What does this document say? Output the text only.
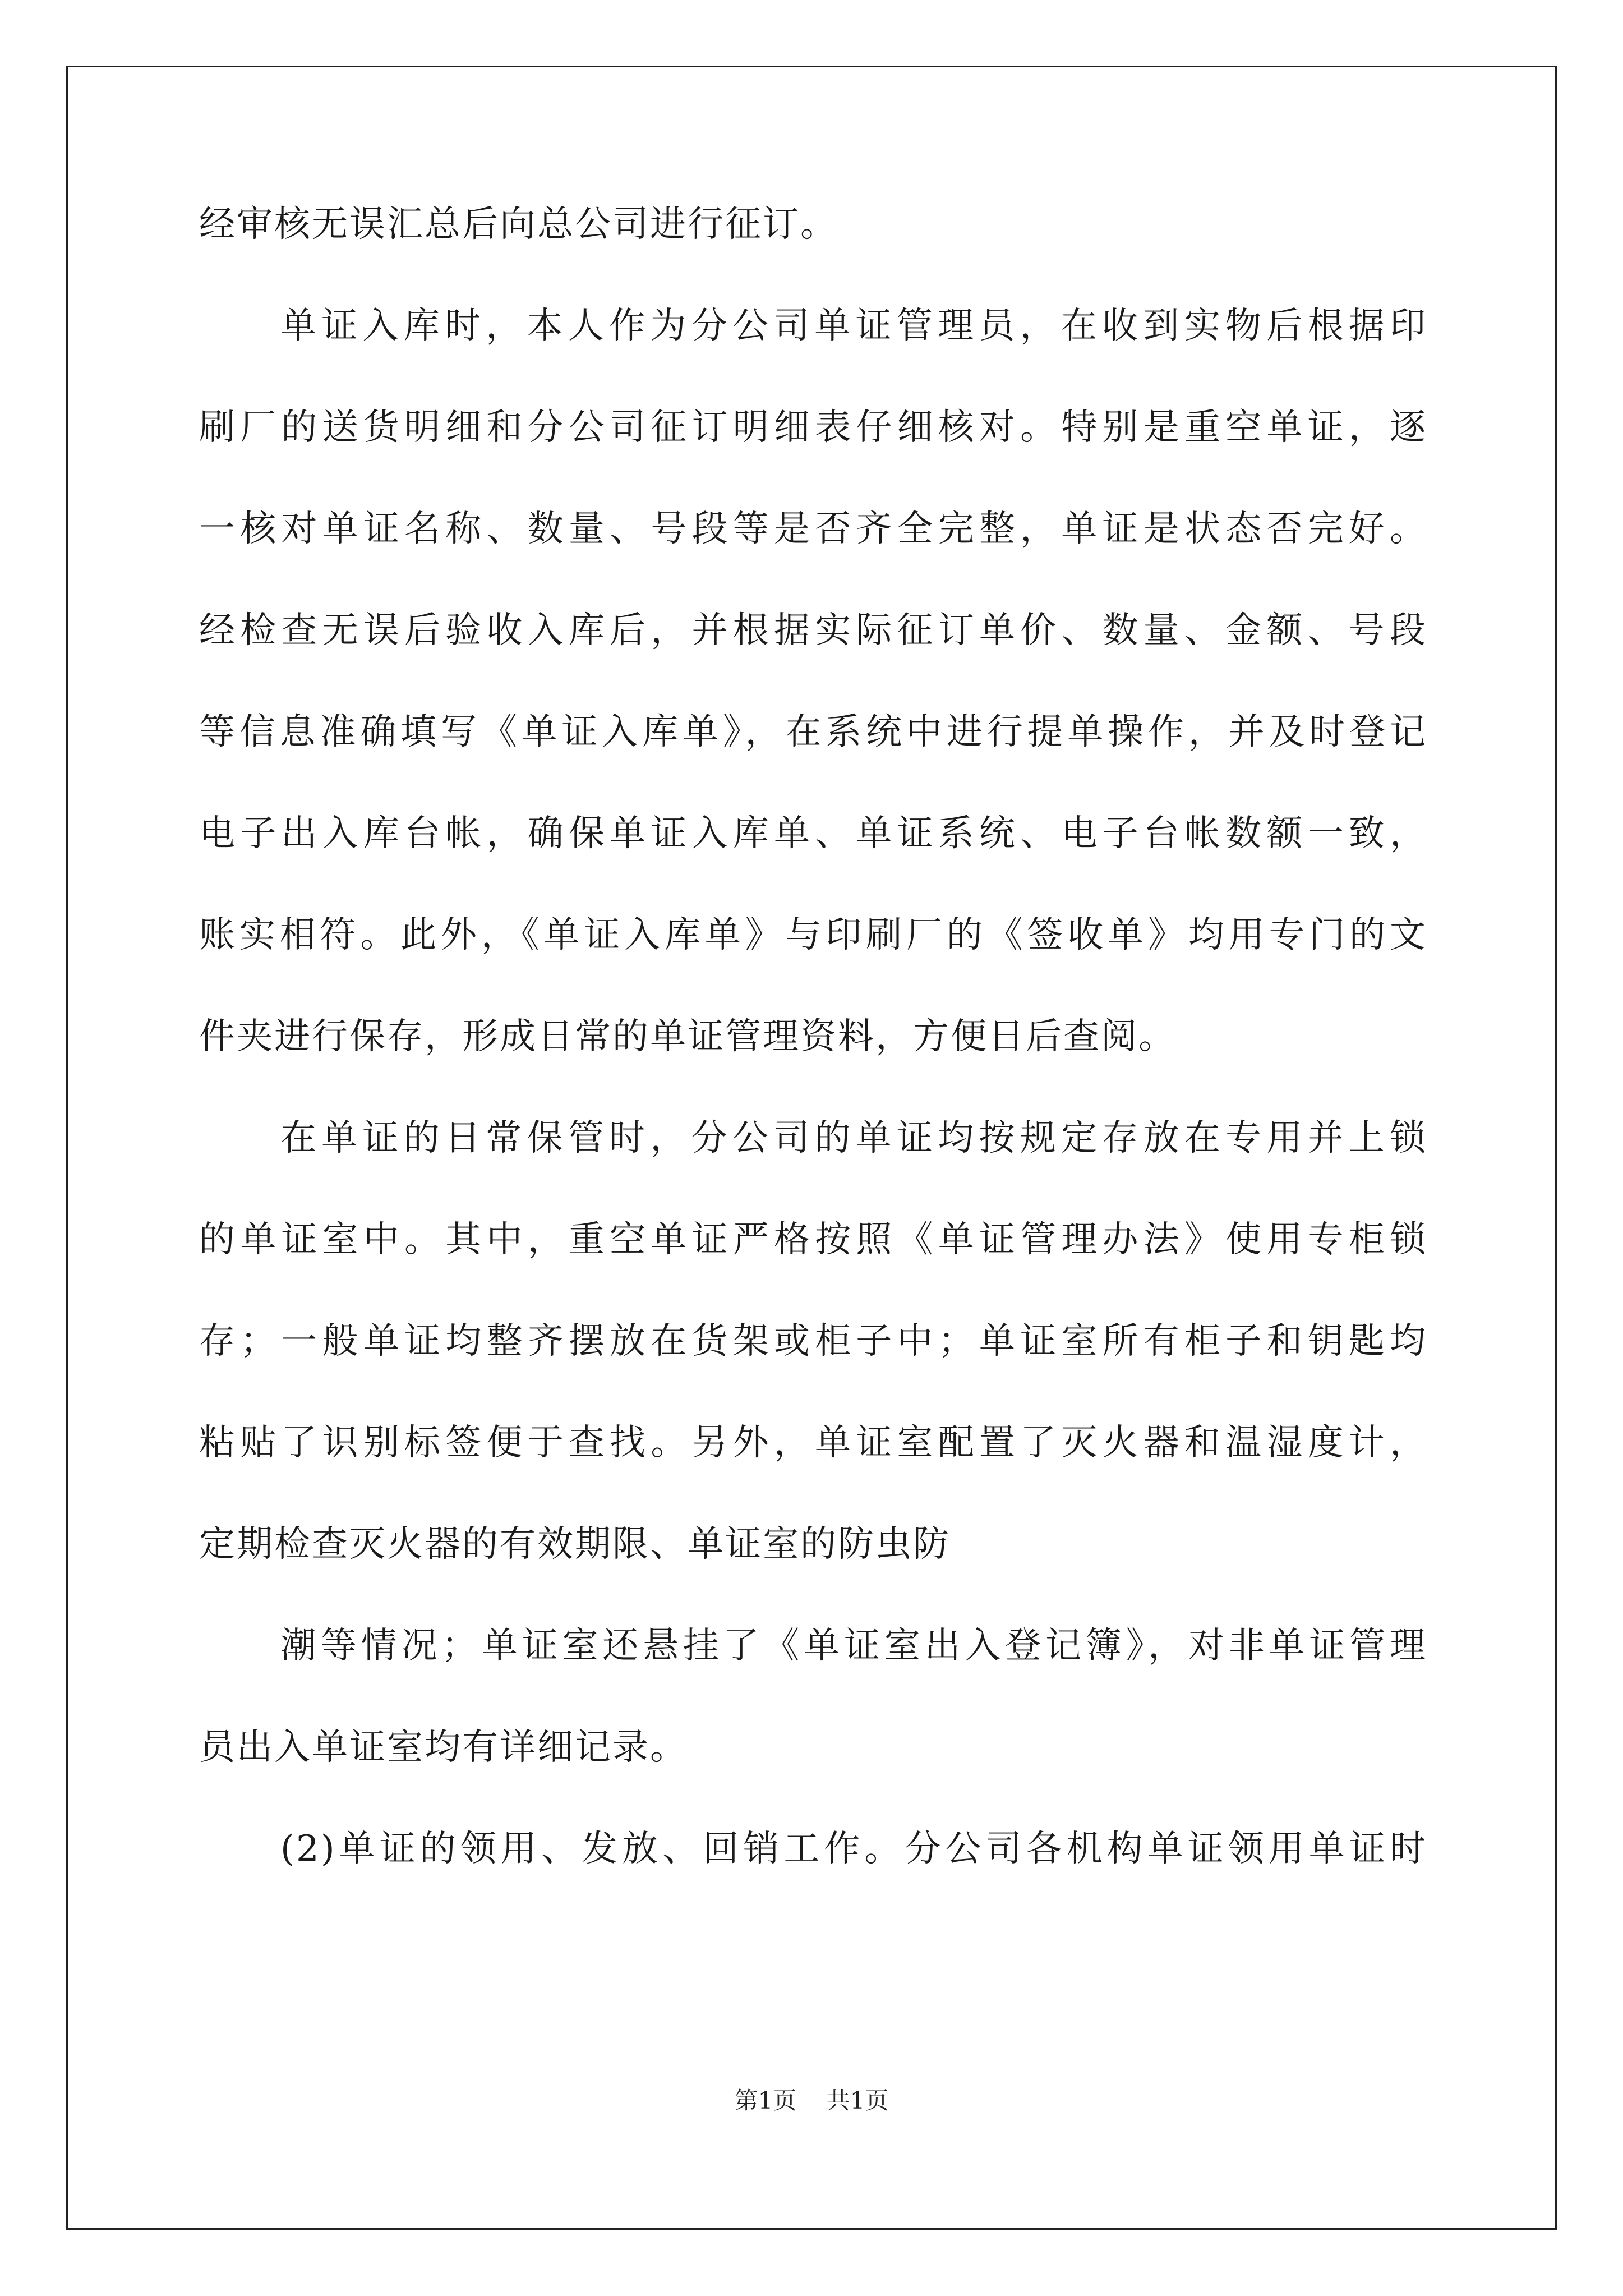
经审核无误汇总后向总公司进行征订。
单证入库时，本人作为分公司单证管理员，在收到实物后根据印
刷厂的送货明细和分公司征订明细表仔细核对。特别是重空单证，逐
一核对单证名称、数量、号段等是否齐全完整，单证是状态否完好。
经检查无误后验收入库后，并根据实际征订单价、数量、金额、号段
等信息准确填写《单证入库单》，在系统中进行提单操作，并及时登记
电子出入库台帐，确保单证入库单、单证系统、电子台帐数额一致，
账实相符。此外，《单证入库单》与印刷厂的《签收单》均用专门的文
件夹进行保存，形成日常的单证管理资料，方便日后查阅。
在单证的日常保管时，分公司的单证均按规定存放在专用并上锁
的单证室中。其中，重空单证严格按照《单证管理办法》使用专柜锁
存；一般单证均整齐摆放在货架或柜子中；单证室所有柜子和钥匙均
粘贴了识别标签便于查找。另外，单证室配置了灭火器和温湿度计，
定期检查灭火器的有效期限、单证室的防虫防
潮等情况；单证室还悬挂了《单证室出入登记簿》，对非单证管理
员出入单证室均有详细记录。
(2)单证的领用、发放、回销工作。分公司各机构单证领用单证时
第1页 共1页
